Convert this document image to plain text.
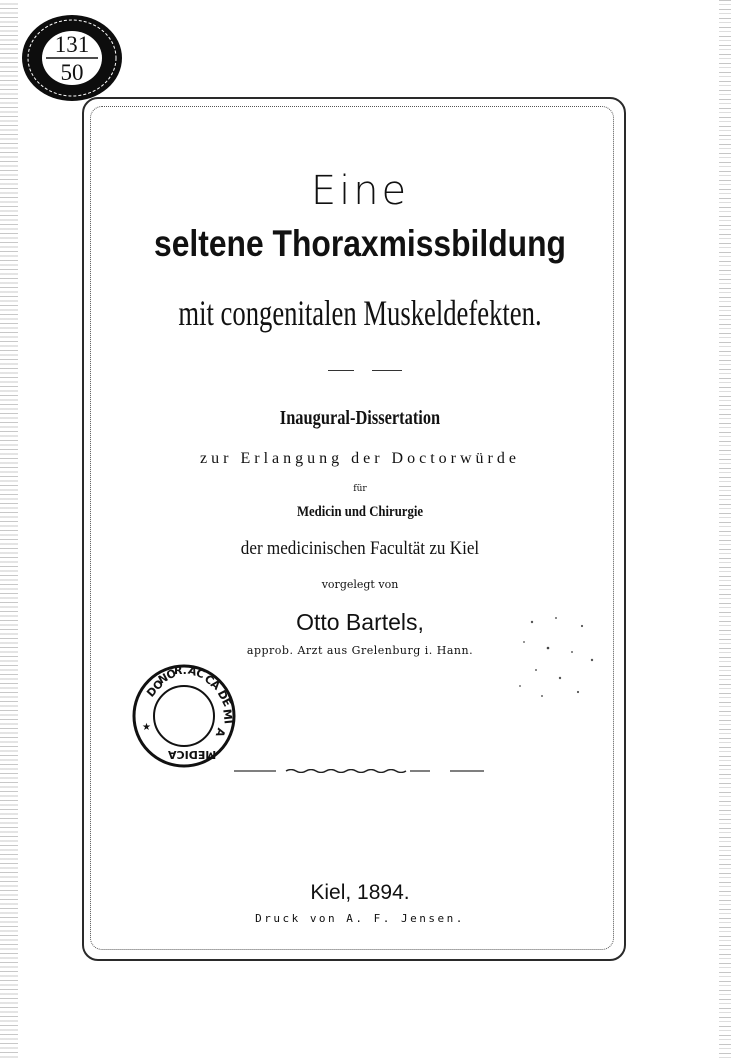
Eine
seltene Thoraxmissbildung
mit congenitalen Muskeldefekten.
Inaugural-Dissertation
zur Erlangung der Doctorwürde
für
Medicin und Chirurgie
der medicinischen Facultät zu Kiel
vorgelegt von
Otto Bartels,
approb. Arzt aus Grelenburg i. Hann.
Kiel, 1894.
Druck von A. F. Jensen.
131
50
★
DO
NO
R. AC
CA
DE
MI
A
MEDICA
